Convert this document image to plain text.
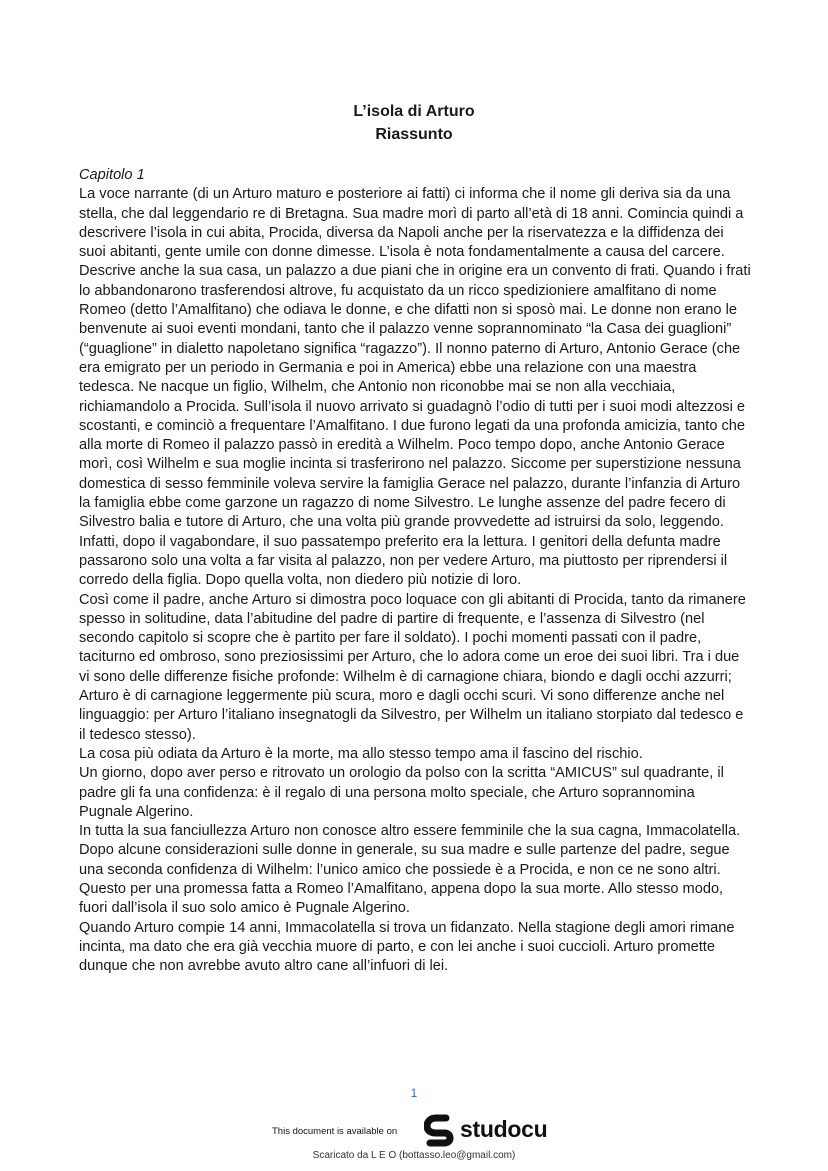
L’isola di Arturo
Riassunto
Capitolo 1

La voce narrante (di un Arturo maturo e posteriore ai fatti) ci informa che il nome gli deriva sia da una stella, che dal leggendario re di Bretagna. Sua madre morì di parto all’età di 18 anni. Comincia quindi a descrivere l’isola in cui abita, Procida, diversa da Napoli anche per la riservatezza e la diffidenza dei suoi abitanti, gente umile con donne dimesse. L’isola è nota fondamentalmente a causa del carcere. Descrive anche la sua casa, un palazzo a due piani che in origine era un convento di frati. Quando i frati lo abbandonarono trasferendosi altrove, fu acquistato da un ricco spedizioniere amalfitano di nome Romeo (detto l’Amalfitano) che odiava le donne, e che difatti non si sposò mai. Le donne non erano le benvenute ai suoi eventi mondani, tanto che il palazzo venne soprannominato “la Casa dei guaglioni” (“guaglione” in dialetto napoletano significa “ragazzo”). Il nonno paterno di Arturo, Antonio Gerace (che era emigrato per un periodo in Germania e poi in America) ebbe una relazione con una maestra tedesca. Ne nacque un figlio, Wilhelm, che Antonio non riconobbe mai se non alla vecchiaia, richiamandolo a Procida. Sull’isola il nuovo arrivato si guadagnò l’odio di tutti per i suoi modi altezzosi e scostanti, e cominciò a frequentare l’Amalfitano. I due furono legati da una profonda amicizia, tanto che alla morte di Romeo il palazzo passò in eredità a Wilhelm. Poco tempo dopo, anche Antonio Gerace morì, così Wilhelm e sua moglie incinta si trasferirono nel palazzo. Siccome per superstizione nessuna domestica di sesso femminile voleva servire la famiglia Gerace nel palazzo, durante l’infanzia di Arturo la famiglia ebbe come garzone un ragazzo di nome Silvestro. Le lunghe assenze del padre fecero di Silvestro balia e tutore di Arturo, che una volta più grande provvedette ad istruirsi da solo, leggendo. Infatti, dopo il vagabondare, il suo passatempo preferito era la lettura. I genitori della defunta madre passarono solo una volta a far visita al palazzo, non per vedere Arturo, ma piuttosto per riprendersi il corredo della figlia. Dopo quella volta, non diedero più notizie di loro.

Così come il padre, anche Arturo si dimostra poco loquace con gli abitanti di Procida, tanto da rimanere spesso in solitudine, data l’abitudine del padre di partire di frequente, e l’assenza di Silvestro (nel secondo capitolo si scopre che è partito per fare il soldato). I pochi momenti passati con il padre, taciturno ed ombroso, sono preziosissimi per Arturo, che lo adora come un eroe dei suoi libri. Tra i due vi sono delle differenze fisiche profonde: Wilhelm è di carnagione chiara, biondo e dagli occhi azzurri; Arturo è di carnagione leggermente più scura, moro e dagli occhi scuri. Vi sono differenze anche nel linguaggio: per Arturo l’italiano insegnatogli da Silvestro, per Wilhelm un italiano storpiato dal tedesco e il tedesco stesso).

La cosa più odiata da Arturo è la morte, ma allo stesso tempo ama il fascino del rischio.

Un giorno, dopo aver perso e ritrovato un orologio da polso con la scritta “AMICUS” sul quadrante, il padre gli fa una confidenza: è il regalo di una persona molto speciale, che Arturo soprannomina Pugnale Algerino.

In tutta la sua fanciullezza Arturo non conosce altro essere femminile che la sua cagna, Immacolatella.

Dopo alcune considerazioni sulle donne in generale, su sua madre e sulle partenze del padre, segue una seconda confidenza di Wilhelm: l’unico amico che possiede è a Procida, e non ce ne sono altri. Questo per una promessa fatta a Romeo l’Amalfitano, appena dopo la sua morte. Allo stesso modo, fuori dall’isola il suo solo amico è Pugnale Algerino.

Quando Arturo compie 14 anni, Immacolatella si trova un fidanzato. Nella stagione degli amori rimane incinta, ma dato che era già vecchia muore di parto, e con lei anche i suoi cuccioli. Arturo promette dunque che non avrebbe avuto altro cane all’infuori di lei.

1
This document is available on	studocu
Scaricato da L E O (bottasso.leo@gmail.com)
